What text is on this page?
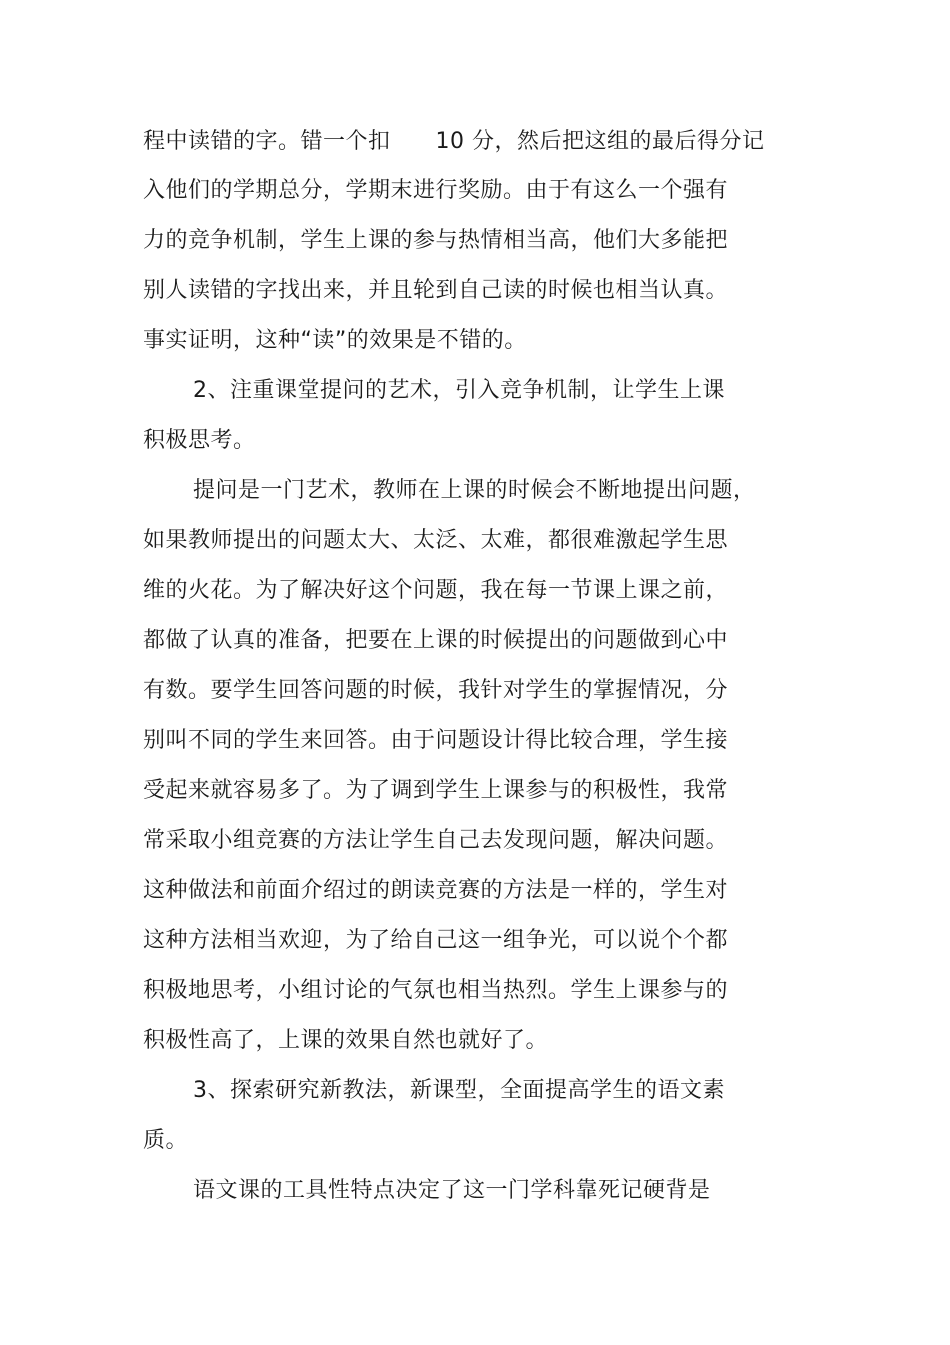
程中读错的字。错一个扣　　10 分，然后把这组的最后得分记
入他们的学期总分，学期末进行奖励。由于有这么一个强有
力的竞争机制，学生上课的参与热情相当高，他们大多能把
别人读错的字找出来，并且轮到自己读的时候也相当认真。
事实证明，这种“读”的效果是不错的。
2、注重课堂提问的艺术，引入竞争机制，让学生上课
积极思考。
提问是一门艺术，教师在上课的时候会不断地提出问题，
如果教师提出的问题太大、太泛、太难，都很难激起学生思
维的火花。为了解决好这个问题，我在每一节课上课之前，
都做了认真的准备，把要在上课的时候提出的问题做到心中
有数。要学生回答问题的时候，我针对学生的掌握情况，分
别叫不同的学生来回答。由于问题设计得比较合理，学生接
受起来就容易多了。为了调到学生上课参与的积极性，我常
常采取小组竞赛的方法让学生自己去发现问题，解决问题。
这种做法和前面介绍过的朗读竞赛的方法是一样的，学生对
这种方法相当欢迎，为了给自己这一组争光，可以说个个都
积极地思考，小组讨论的气氛也相当热烈。学生上课参与的
积极性高了，上课的效果自然也就好了。
3、探索研究新教法，新课型，全面提高学生的语文素
质。
语文课的工具性特点决定了这一门学科靠死记硬背是
